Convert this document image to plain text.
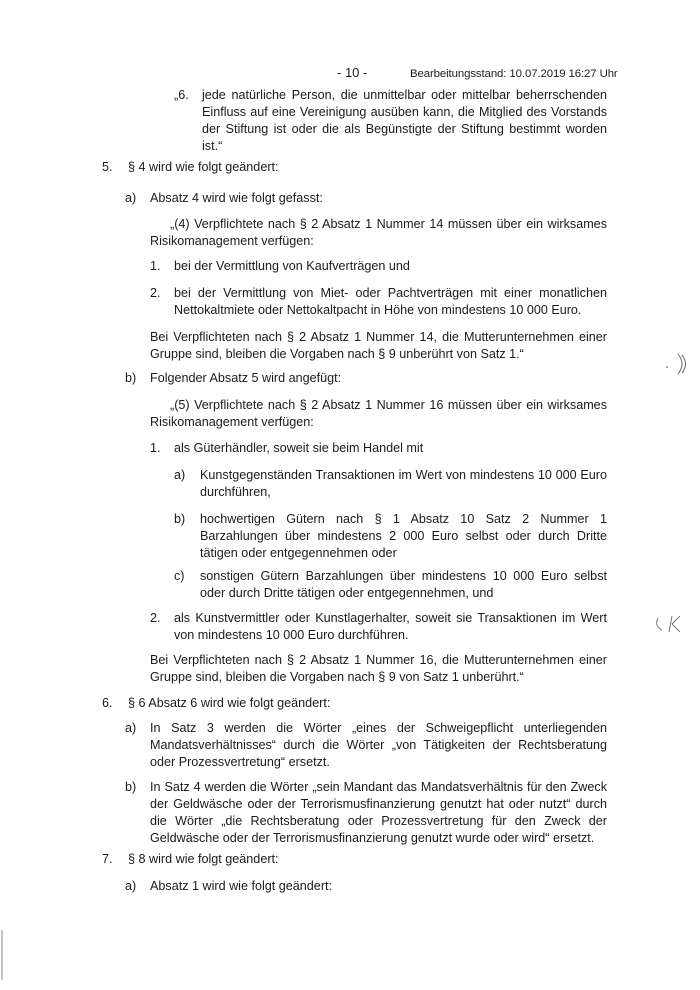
- 10 -	Bearbeitungsstand: 10.07.2019 16:27 Uhr
„6. jede natürliche Person, die unmittelbar oder mittelbar beherrschenden Einfluss auf eine Vereinigung ausüben kann, die Mitglied des Vorstands der Stiftung ist oder die als Begünstigte der Stiftung bestimmt worden ist.“
5. § 4 wird wie folgt geändert:
a) Absatz 4 wird wie folgt gefasst:
„(4) Verpflichtete nach § 2 Absatz 1 Nummer 14 müssen über ein wirksames Risikomanagement verfügen:
1. bei der Vermittlung von Kaufverträgen und
2. bei der Vermittlung von Miet- oder Pachtverträgen mit einer monatlichen Nettokaltmiete oder Nettokaltpacht in Höhe von mindestens 10 000 Euro.
Bei Verpflichteten nach § 2 Absatz 1 Nummer 14, die Mutterunternehmen einer Gruppe sind, bleiben die Vorgaben nach § 9 unberührt von Satz 1.“
b) Folgender Absatz 5 wird angefügt:
„(5) Verpflichtete nach § 2 Absatz 1 Nummer 16 müssen über ein wirksames Risikomanagement verfügen:
1. als Güterhändler, soweit sie beim Handel mit
a) Kunstgegenständen Transaktionen im Wert von mindestens 10 000 Euro durchführen,
b) hochwertigen Gütern nach § 1 Absatz 10 Satz 2 Nummer 1 Barzahlungen über mindestens 2 000 Euro selbst oder durch Dritte tätigen oder entgegennehmen oder
c) sonstigen Gütern Barzahlungen über mindestens 10 000 Euro selbst oder durch Dritte tätigen oder entgegennehmen, und
2. als Kunstvermittler oder Kunstlagerhalter, soweit sie Transaktionen im Wert von mindestens 10 000 Euro durchführen.
Bei Verpflichteten nach § 2 Absatz 1 Nummer 16, die Mutterunternehmen einer Gruppe sind, bleiben die Vorgaben nach § 9 von Satz 1 unberührt.“
6. § 6 Absatz 6 wird wie folgt geändert:
a) In Satz 3 werden die Wörter „eines der Schweigepflicht unterliegenden Mandatsverhältnisses“ durch die Wörter „von Tätigkeiten der Rechtsberatung oder Prozessvertretung“ ersetzt.
b) In Satz 4 werden die Wörter „sein Mandant das Mandatsverhältnis für den Zweck der Geldwäsche oder der Terrorismusfinanzierung genutzt hat oder nutzt“ durch die Wörter „die Rechtsberatung oder Prozessvertretung für den Zweck der Geldwäsche oder der Terrorismusfinanzierung genutzt wurde oder wird“ ersetzt.
7. § 8 wird wie folgt geändert:
a) Absatz 1 wird wie folgt geändert:
